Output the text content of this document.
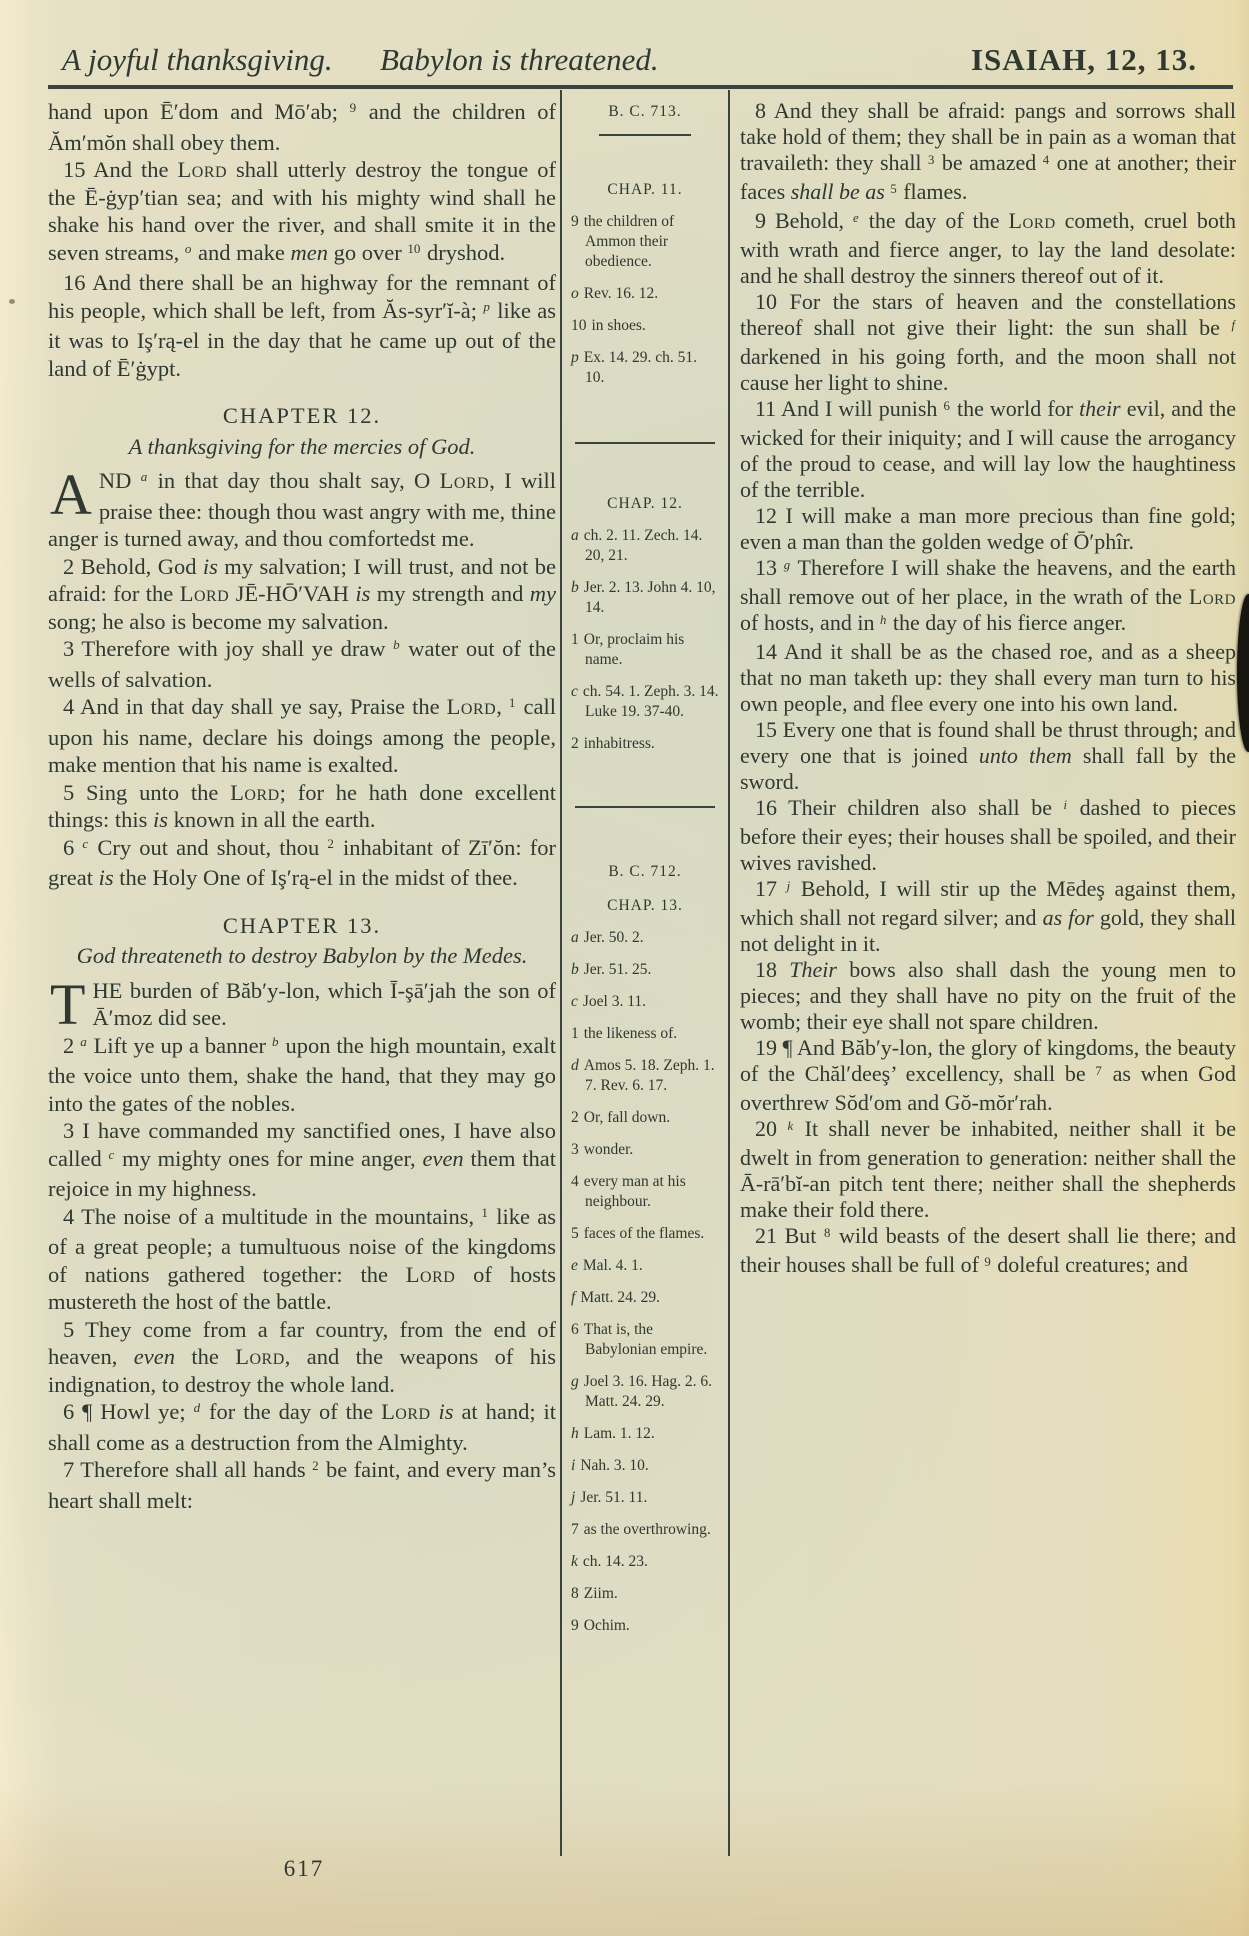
A joyful thanksgiving. Babylon is threatened.	ISAIAH, 12, 13.

hand upon Ē′dom and Mō′ab; $^9$ and the children of Ăm′mŏn shall obey them.

15 And the Lord shall utterly destroy the tongue of the Ē-ġyp′tian sea; and with his mighty wind shall he shake his hand over the river, and shall smite it in the seven streams, $^o$ and make men go over $^{10}$ dryshod.

16 And there shall be an highway for the remnant of his people, which shall be left, from Ăs-syr′ĭ-à; $^p$ like as it was to Iş′rą-el in the day that he came up out of the land of Ē′ġypt.

CHAPTER 12.

A thanksgiving for the mercies of God.

AND $^a$ in that day thou shalt say, O Lord, I will praise thee: though thou wast angry with me, thine anger is turned away, and thou comfortedst me.

2 Behold, God is my salvation; I will trust, and not be afraid: for the Lord JĒ-HŌ′VAH is my strength and my song; he also is become my salvation.

3 Therefore with joy shall ye draw $^b$ water out of the wells of salvation.

4 And in that day shall ye say, Praise the Lord, $^1$ call upon his name, declare his doings among the people, make mention that his name is exalted.

5 Sing unto the Lord; for he hath done excellent things: this is known in all the earth.

6 $^c$ Cry out and shout, thou $^2$ inhabitant of Zī′ŏn: for great is the Holy One of Iş′rą-el in the midst of thee.

CHAPTER 13.

God threateneth to destroy Babylon by the Medes.

THE burden of Băb′y-lon, which Ī-şā′jah the son of Ā′moz did see.

2 $^a$ Lift ye up a banner $^b$ upon the high mountain, exalt the voice unto them, shake the hand, that they may go into the gates of the nobles.

3 I have commanded my sanctified ones, I have also called $^c$ my mighty ones for mine anger, even them that rejoice in my highness.

4 The noise of a multitude in the mountains, $^1$ like as of a great people; a tumultuous noise of the kingdoms of nations gathered together: the Lord of hosts mustereth the host of the battle.

5 They come from a far country, from the end of heaven, even the Lord, and the weapons of his indignation, to destroy the whole land.

6 ¶ Howl ye; $^d$ for the day of the Lord is at hand; it shall come as a destruction from the Almighty.

7 Therefore shall all hands $^2$ be faint, and every man’s heart shall melt:

B. C. 713.
CHAP. 11.
9 the children of Ammon their obedience.
o Rev. 16. 12.
10 in shoes.
p Ex. 14. 29. ch. 51. 10.
CHAP. 12.
a ch. 2. 11. Zech. 14. 20, 21.
b Jer. 2. 13. John 4. 10, 14.
1 Or, proclaim his name.
c ch. 54. 1. Zeph. 3. 14. Luke 19. 37-40.
2 inhabitress.
B. C. 712.
CHAP. 13.
a Jer. 50. 2.
b Jer. 51. 25.
c Joel 3. 11.
1 the likeness of.
d Amos 5. 18. Zeph. 1. 7. Rev. 6. 17.
2 Or, fall down.
3 wonder.
4 every man at his neighbour.
5 faces of the flames.
e Mal. 4. 1.
f Matt. 24. 29.
6 That is, the Babylonian empire.
g Joel 3. 16. Hag. 2. 6. Matt. 24. 29.
h Lam. 1. 12.
i Nah. 3. 10.
j Jer. 51. 11.
7 as the overthrowing.
k ch. 14. 23.
8 Ziim.
9 Ochim.

8 And they shall be afraid: pangs and sorrows shall take hold of them; they shall be in pain as a woman that travaileth: they shall $^3$ be amazed $^4$ one at another; their faces shall be as $^5$ flames.

9 Behold, $^e$ the day of the Lord cometh, cruel both with wrath and fierce anger, to lay the land desolate: and he shall destroy the sinners thereof out of it.

10 For the stars of heaven and the constellations thereof shall not give their light: the sun shall be $^f$ darkened in his going forth, and the moon shall not cause her light to shine.

11 And I will punish $^6$ the world for their evil, and the wicked for their iniquity; and I will cause the arrogancy of the proud to cease, and will lay low the haughtiness of the terrible.

12 I will make a man more precious than fine gold; even a man than the golden wedge of Ō′phîr.

13 $^g$ Therefore I will shake the heavens, and the earth shall remove out of her place, in the wrath of the Lord of hosts, and in $^h$ the day of his fierce anger.

14 And it shall be as the chased roe, and as a sheep that no man taketh up: they shall every man turn to his own people, and flee every one into his own land.

15 Every one that is found shall be thrust through; and every one that is joined unto them shall fall by the sword.

16 Their children also shall be $^i$ dashed to pieces before their eyes; their houses shall be spoiled, and their wives ravished.

17 $^j$ Behold, I will stir up the Mēdeş against them, which shall not regard silver; and as for gold, they shall not delight in it.

18 Their bows also shall dash the young men to pieces; and they shall have no pity on the fruit of the womb; their eye shall not spare children.

19 ¶ And Băb′y-lon, the glory of kingdoms, the beauty of the Chăl′deeş’ excellency, shall be $^7$ as when God overthrew Sŏd′om and Gŏ-mŏr′rah.

20 $^k$ It shall never be inhabited, neither shall it be dwelt in from generation to generation: neither shall the Ā-rā′bĭ-an pitch tent there; neither shall the shepherds make their fold there.

21 But $^8$ wild beasts of the desert shall lie there; and their houses shall be full of $^9$ doleful creatures; and

617
